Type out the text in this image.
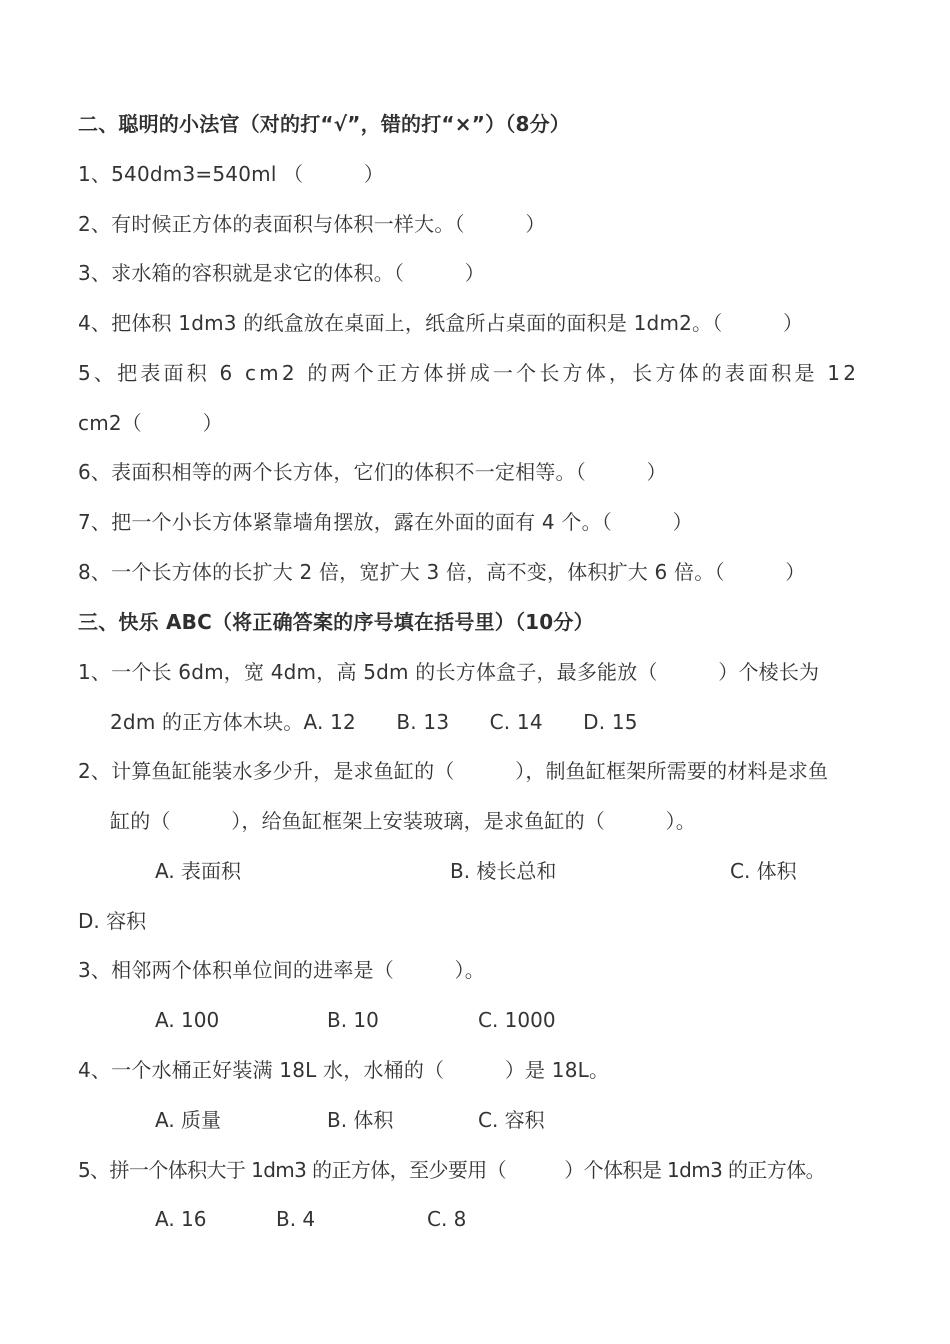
二、聪明的小法官（对的打“√”，错的打“×”）（8分）
1、540dm3=540ml （　　　）
2、有时候正方体的表面积与体积一样大。（　　　）
3、求水箱的容积就是求它的体积。（　　　）
4、把体积 1dm3 的纸盒放在桌面上，纸盒所占桌面的面积是 1dm2。（　　　）
5、把表面积 6 cm2 的两个正方体拼成一个长方体，长方体的表面积是 12
cm2（　　　）
6、表面积相等的两个长方体，它们的体积不一定相等。（　　　）
7、把一个小长方体紧靠墙角摆放，露在外面的面有 4 个。（　　　）
8、一个长方体的长扩大 2 倍，宽扩大 3 倍，高不变，体积扩大 6 倍。（　　　）
三、快乐 ABC（将正确答案的序号填在括号里）（10分）
1、一个长 6dm，宽 4dm，高 5dm 的长方体盒子，最多能放（　　　）个棱长为
2dm 的正方体木块。A. 12　　B. 13　　C. 14　　D. 15
2、计算鱼缸能装水多少升，是求鱼缸的（　　　），制鱼缸框架所需要的材料是求鱼
缸的（　　　），给鱼缸框架上安装玻璃，是求鱼缸的（　　　）。
A. 表面积	B. 棱长总和	C. 体积
D. 容积
3、相邻两个体积单位间的进率是（　　　）。
A. 100	B. 10	C. 1000
4、一个水桶正好装满 18L 水，水桶的（　　　）是 18L。
A. 质量	B. 体积	C. 容积
5、拼一个体积大于 1dm3 的正方体，至少要用（　　　）个体积是 1dm3 的正方体。
A. 16	B. 4	C. 8
